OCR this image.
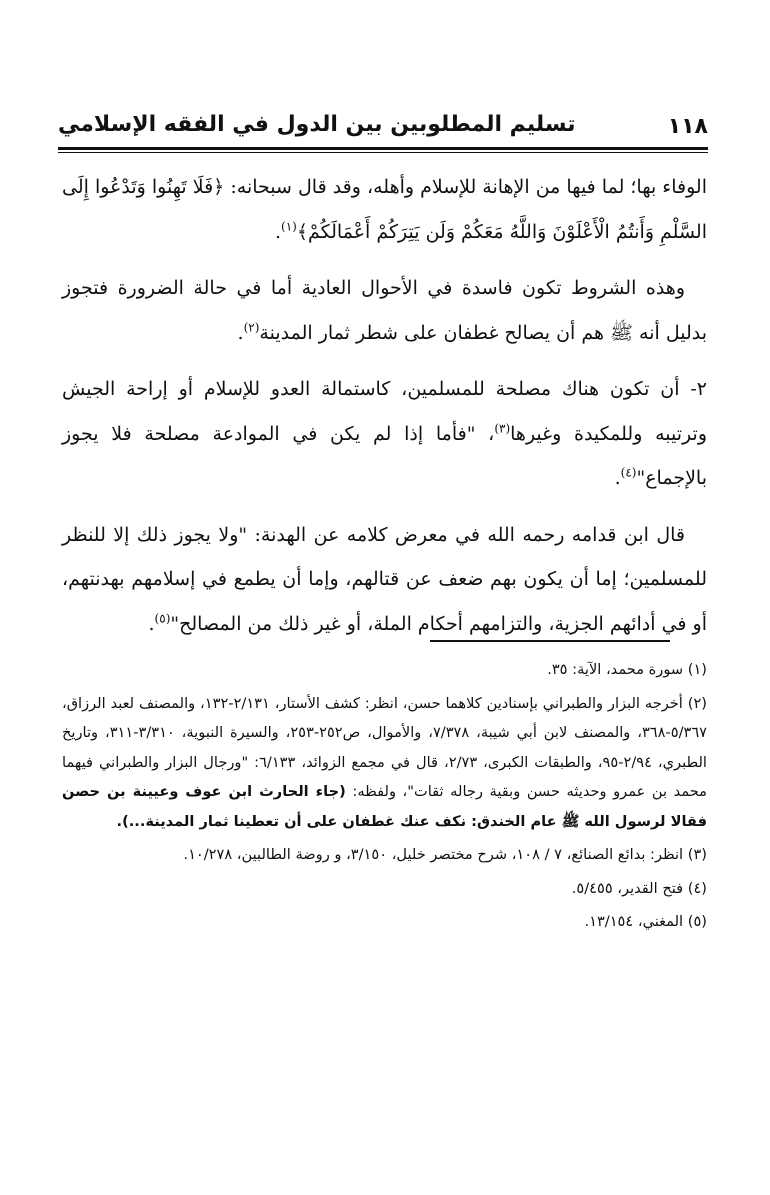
١١٨
تسليم المطلوبين بين الدول في الفقه الإسلامي

الوفاء بها؛ لما فيها من الإهانة للإسلام وأهله، وقد قال سبحانه: ﴿فَلَا تَهِنُوا وَتَدْعُوا إِلَى السَّلْمِ وَأَنتُمُ الْأَعْلَوْنَ وَاللَّهُ مَعَكُمْ وَلَن يَتِرَكُمْ أَعْمَالَكُمْ﴾$^{(١)}$.

وهذه الشروط تكون فاسدة في الأحوال العادية أما في حالة الضرورة فتجوز بدليل أنه ﷺ هم أن يصالح غطفان على شطر ثمار المدينة$^{(٢)}$.

٢- أن تكون هناك مصلحة للمسلمين، كاستمالة العدو للإسلام أو إراحة الجيش وترتيبه وللمكيدة وغيرها$^{(٣)}$، "فأما إذا لم يكن في الموادعة مصلحة فلا يجوز بالإجماع"$^{(٤)}$.

قال ابن قدامه رحمه الله في معرض كلامه عن الهدنة: "ولا يجوز ذلك إلا للنظر للمسلمين؛ إما أن يكون بهم ضعف عن قتالهم، وإما أن يطمع في إسلامهم بهدنتهم، أو في أدائهم الجزية، والتزامهم أحكام الملة، أو غير ذلك من المصالح"$^{(٥)}$.

(١) سورة محمد، الآية: ٣٥.
(٢) أخرجه البزار والطبراني بإسنادين كلاهما حسن، انظر: كشف الأستار، ٢/١٣١-١٣٢، والمصنف لعبد الرزاق، ٥/٣٦٧-٣٦٨، والمصنف لابن أبي شيبة، ٧/٣٧٨، والأموال، ص٢٥٢-٢٥٣، والسيرة النبوية، ٣/٣١٠-٣١١، وتاريخ الطبري، ٢/٩٤-٩٥، والطبقات الكبرى، ٢/٧٣، قال في مجمع الزوائد، ٦/١٣٣: "ورجال البزار والطبراني فيهما محمد بن عمرو وحديثه حسن وبقية رجاله ثقات"، ولفظه: (جاء الحارث ابن عوف وعيينة بن حصن فقالا لرسول الله ﷺ عام الخندق: نكف عنك غطفان على أن تعطينا ثمار المدينة...).
(٣) انظر: بدائع الصنائع، ٧ / ١٠٨، شرح مختصر خليل، ٣/١٥٠، و روضة الطالبين، ١٠/٢٧٨.
(٤) فتح القدير، ٥/٤٥٥.
(٥) المغني، ١٣/١٥٤.
